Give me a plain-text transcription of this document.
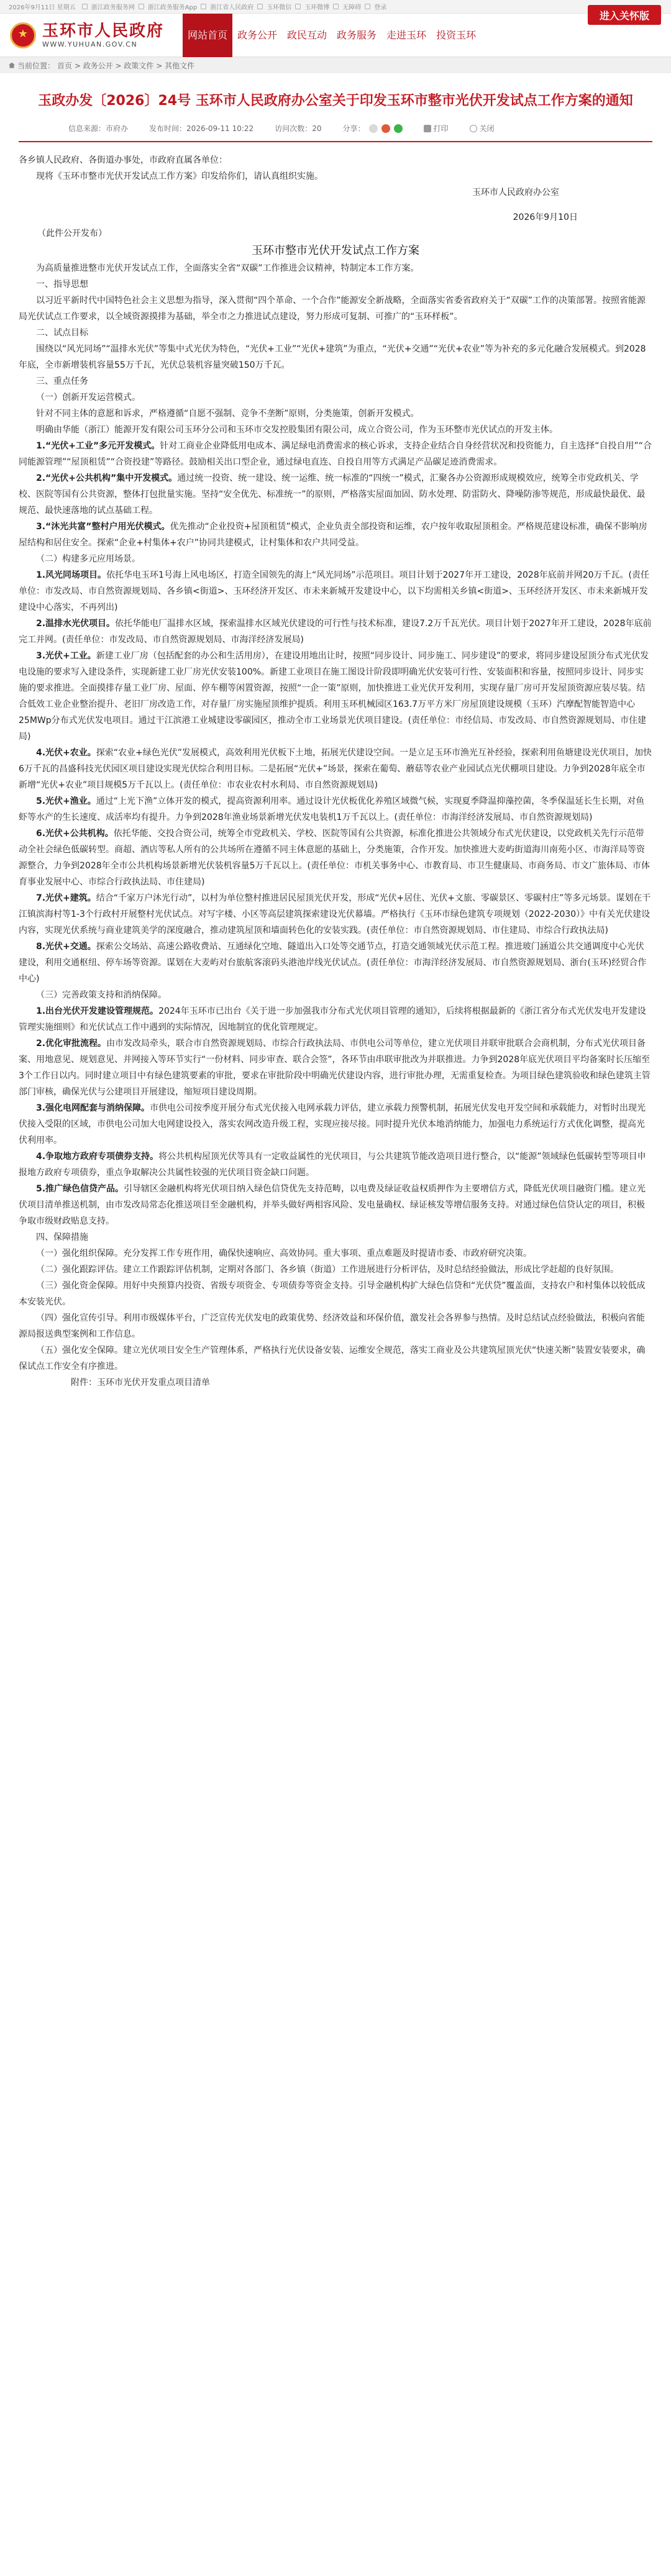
2026年9月11日 星期五	浙江政务服务网 浙江政务服务App 浙江省人民政府 玉环微信 玉环微博 无障碍 登录
★
玉环市人民政府
WWW.YUHUAN.GOV.CN
网站首页	政务公开	政民互动	政务服务	走进玉环	投资玉环
进入关怀版
当前位置： 首页 > 政务公开 > 政策文件 > 其他文件
玉政办发〔2026〕24号 玉环市人民政府办公室关于印发玉环市整市光伏开发试点工作方案的通知
信息来源：市府办	发布时间：2026-09-11 10:22	访问次数：20	分享：	打印	关闭

各乡镇人民政府、各街道办事处，市政府直属各单位：

现将《玉环市整市光伏开发试点工作方案》印发给你们，请认真组织实施。

玉环市人民政府办公室

2026年9月10日

（此件公开发布）

玉环市整市光伏开发试点工作方案

为高质量推进整市光伏开发试点工作，全面落实全省“双碳”工作推进会议精神，特制定本工作方案。

一、指导思想

以习近平新时代中国特色社会主义思想为指导，深入贯彻“四个革命、一个合作”能源安全新战略，全面落实省委省政府关于“双碳”工作的决策部署。按照省能源局光伏试点工作要求，以全域资源摸排为基础，举全市之力推进试点建设，努力形成可复制、可推广的“玉环样板”。

二、试点目标

围绕以“风光同场”“温排水光伏”等集中式光伏为特色，“光伏+工业”“光伏+建筑”为重点，“光伏+交通”“光伏+农业”等为补充的多元化融合发展模式。到2028年底，全市新增装机容量55万千瓦，光伏总装机容量突破150万千瓦。

三、重点任务

（一）创新开发运营模式。

针对不同主体的意愿和诉求，严格遵循“自愿不强制、竞争不垄断”原则，分类施策，创新开发模式。

明确由华能（浙江）能源开发有限公司玉环分公司和玉环市交发控股集团有限公司，成立合资公司，作为玉环整市光伏试点的开发主体。

1.“光伏+工业”多元开发模式。针对工商业企业降低用电成本、满足绿电消费需求的核心诉求，支持企业结合自身经营状况和投资能力，自主选择“自投自用”“合同能源管理”“屋顶租赁”“合资投建”等路径。鼓励相关出口型企业，通过绿电直连、自投自用等方式满足产品碳足迹消费需求。

2.“光伏+公共机构”集中开发模式。通过统一投资、统一建设、统一运维、统一标准的“四统一”模式，汇聚各办公资源形成规模效应，统筹全市党政机关、学校、医院等国有公共资源，整体打包批量实施。坚持“安全优先、标准统一”的原则，严格落实屋面加固、防水处理、防雷防火、降噪防渗等规范，形成最快最优、最规范、最快速落地的试点基础工程。

3.“沐光共富”整村户用光伏模式。优先推动“企业投资+屋顶租赁”模式，企业负责全部投资和运维，农户按年收取屋顶租金。严格规范建设标准，确保不影响房屋结构和居住安全。探索“企业+村集体+农户”协同共建模式，让村集体和农户共同受益。

（二）构建多元应用场景。

1.风光同场项目。依托华电玉环1号海上风电场区，打造全国领先的海上“风光同场”示范项目。项目计划于2027年开工建设，2028年底前并网20万千瓦。(责任单位：市发改局、市自然资源规划局、各乡镇<街道>、玉环经济开发区、市未来新城开发建设中心，以下均需相关乡镇<街道>、玉环经济开发区、市未来新城开发建设中心落实，不再列出)

2.温排水光伏项目。依托华能电厂温排水区域，探索温排水区域光伏建设的可行性与技术标准，建设7.2万千瓦光伏。项目计划于2027年开工建设，2028年底前完工并网。(责任单位：市发改局、市自然资源规划局、市海洋经济发展局)

3.光伏+工业。新建工业厂房（包括配套的办公和生活用房），在建设用地出让时，按照“同步设计、同步施工、同步建设”的要求，将同步建设屋顶分布式光伏发电设施的要求写入建设条件，实现新建工业厂房光伏安装100%。新建工业项目在施工图设计阶段即明确光伏安装可行性、安装面积和容量，按照同步设计、同步实施的要求推进。全面摸排存量工业厂房、屋面、停车棚等闲置资源，按照“一企一策”原则，加快推进工业光伏开发利用，实现存量厂房可开发屋顶资源应装尽装。结合低效工业企业整治提升、老旧厂房改造工作，对存量厂房实施屋顶维护提质。利用玉环机械园区163.7万平方米厂房屋顶建设规模（玉环）汽摩配智能智造中心25MWp分布式光伏发电项目。通过干江滨港工业城建设零碳园区，推动全市工业场景光伏项目建设。(责任单位：市经信局、市发改局、市自然资源规划局、市住建局)

4.光伏+农业。探索“农业+绿色光伏”发展模式，高效利用光伏板下土地，拓展光伏建设空间。一是立足玉环市渔光互补经验，探索利用鱼塘建设光伏项目，加快6万千瓦的昌盛科技光伏园区项目建设实现光伏综合利用目标。二是拓展“光伏+”场景，探索在葡萄、蘑菇等农业产业园试点光伏棚项目建设。力争到2028年底全市新增“光伏+农业”项目规模5万千瓦以上。(责任单位：市农业农村水利局、市自然资源规划局)

5.光伏+渔业。通过“上光下渔”立体开发的模式，提高资源利用率。通过设计光伏板优化养殖区域微气候，实现夏季降温抑藻控菌，冬季保温延长生长期，对鱼虾等水产的生长速度、成活率均有提升。力争到2028年渔业场景新增光伏发电装机1万千瓦以上。(责任单位：市海洋经济发展局、市自然资源规划局)

6.光伏+公共机构。依托华能、交投合资公司，统筹全市党政机关、学校、医院等国有公共资源，标准化推进公共领域分布式光伏建设，以党政机关先行示范带动全社会绿色低碳转型。商超、酒店等私人所有的公共场所在遵循不同主体意愿的基础上，分类施策，合作开发。加快推进大麦屿街道海川南苑小区、市海洋局等资源整合，力争到2028年全市公共机构场景新增光伏装机容量5万千瓦以上。(责任单位：市机关事务中心、市教育局、市卫生健康局、市商务局、市文广旅体局、市体育事业发展中心、市综合行政执法局、市住建局)

7.光伏+建筑。结合“千家万户沐光行动”，以村为单位整村推进居民屋顶光伏开发，形成“光伏+居住、光伏+文旅、零碳景区、零碳村庄”等多元场景。谋划在干江镇滨海村等1-3个行政村开展整村光伏试点。对写字楼、小区等高层建筑探索建设光伏幕墙。严格执行《玉环市绿色建筑专项规划（2022-2030）》中有关光伏建设内容，实现光伏系统与商业建筑美学的深度融合，推动建筑屋顶和墙面转色化的安装实践。(责任单位：市自然资源规划局、市住建局、市综合行政执法局)

8.光伏+交通。探索公交场站、高速公路收费站、互通绿化空地、隧道出入口处等交通节点，打造交通领域光伏示范工程。推进玻门涵道公共交通调度中心光伏建设，利用交通枢纽、停车场等资源。谋划在大麦屿对台旅航客滚码头港池岸线光伏试点。(责任单位：市海洋经济发展局、市自然资源规划局、浙台(玉环)经贸合作中心)

（三）完善政策支持和消纳保障。

1.出台光伏开发建设管理规范。2024年玉环市已出台《关于进一步加强我市分布式光伏项目管理的通知》，后续将根据最新的《浙江省分布式光伏发电开发建设管理实施细则》和光伏试点工作中遇到的实际情况，因地制宜的优化管理规定。

2.优化审批流程。由市发改局牵头，联合市自然资源规划局、市综合行政执法局、市供电公司等单位，建立光伏项目并联审批联合会商机制，分布式光伏项目备案、用地意见、规划意见、并网接入等环节实行“一份材料、同步审查、联合会签”，各环节由串联审批改为并联推进。力争到2028年底光伏项目平均备案时长压缩至3个工作日以内。同时建立项目中有绿色建筑要素的审批，要求在审批阶段中明确光伏建设内容，进行审批办理，无需重复检查。为项目绿色建筑验收和绿色建筑主管部门审核，确保光伏与公建项目开展建设，缩短项目建设周期。

3.强化电网配套与消纳保障。市供电公司按季度开展分布式光伏接入电网承载力评估，建立承载力预警机制，拓展光伏发电开发空间和承载能力，对暂时出现光伏接入受限的区域，市供电公司加大电网建设投入，落实农网改造升级工程，实现应接尽接。同时提升光伏本地消纳能力，加强电力系统运行方式优化调整，提高光伏利用率。

4.争取地方政府专项债券支持。将公共机构屋顶光伏等具有一定收益属性的光伏项目，与公共建筑节能改造项目进行整合，以“能源”领域绿色低碳转型等项目申报地方政府专项债券，重点争取解决公共属性较强的光伏项目资金缺口问题。

5.推广绿色信贷产品。引导辖区金融机构将光伏项目纳入绿色信贷优先支持范畴，以电费及绿证收益权质押作为主要增信方式，降低光伏项目融资门槛。建立光伏项目清单推送机制，由市发改局常态化推送项目至金融机构，并举头做好两相容风险、发电量确权、绿证核发等增信服务支持。对通过绿色信贷认定的项目，积极争取市级财政贴息支持。

四、保障措施

（一）强化组织保障。充分发挥工作专班作用，确保快速响应、高效协同。重大事项、重点难题及时提请市委、市政府研究决策。

（二）强化跟踪评估。建立工作跟踪评估机制，定期对各部门、各乡镇（街道）工作进展进行分析评估，及时总结经验做法，形成比学赶超的良好氛围。

（三）强化资金保障。用好中央预算内投资、省级专项资金、专项债券等资金支持。引导金融机构扩大绿色信贷和“光伏贷”覆盖面，支持农户和村集体以较低成本安装光伏。

（四）强化宣传引导。利用市级媒体平台，广泛宣传光伏发电的政策优势、经济效益和环保价值，激发社会各界参与热情。及时总结试点经验做法，积极向省能源局报送典型案例和工作信息。

（五）强化安全保障。建立光伏项目安全生产管理体系，严格执行光伏设备安装、运维安全规范，落实工商业及公共建筑屋顶光伏“快速关断”装置安装要求，确保试点工作安全有序推进。

附件：玉环市光伏开发重点项目清单
